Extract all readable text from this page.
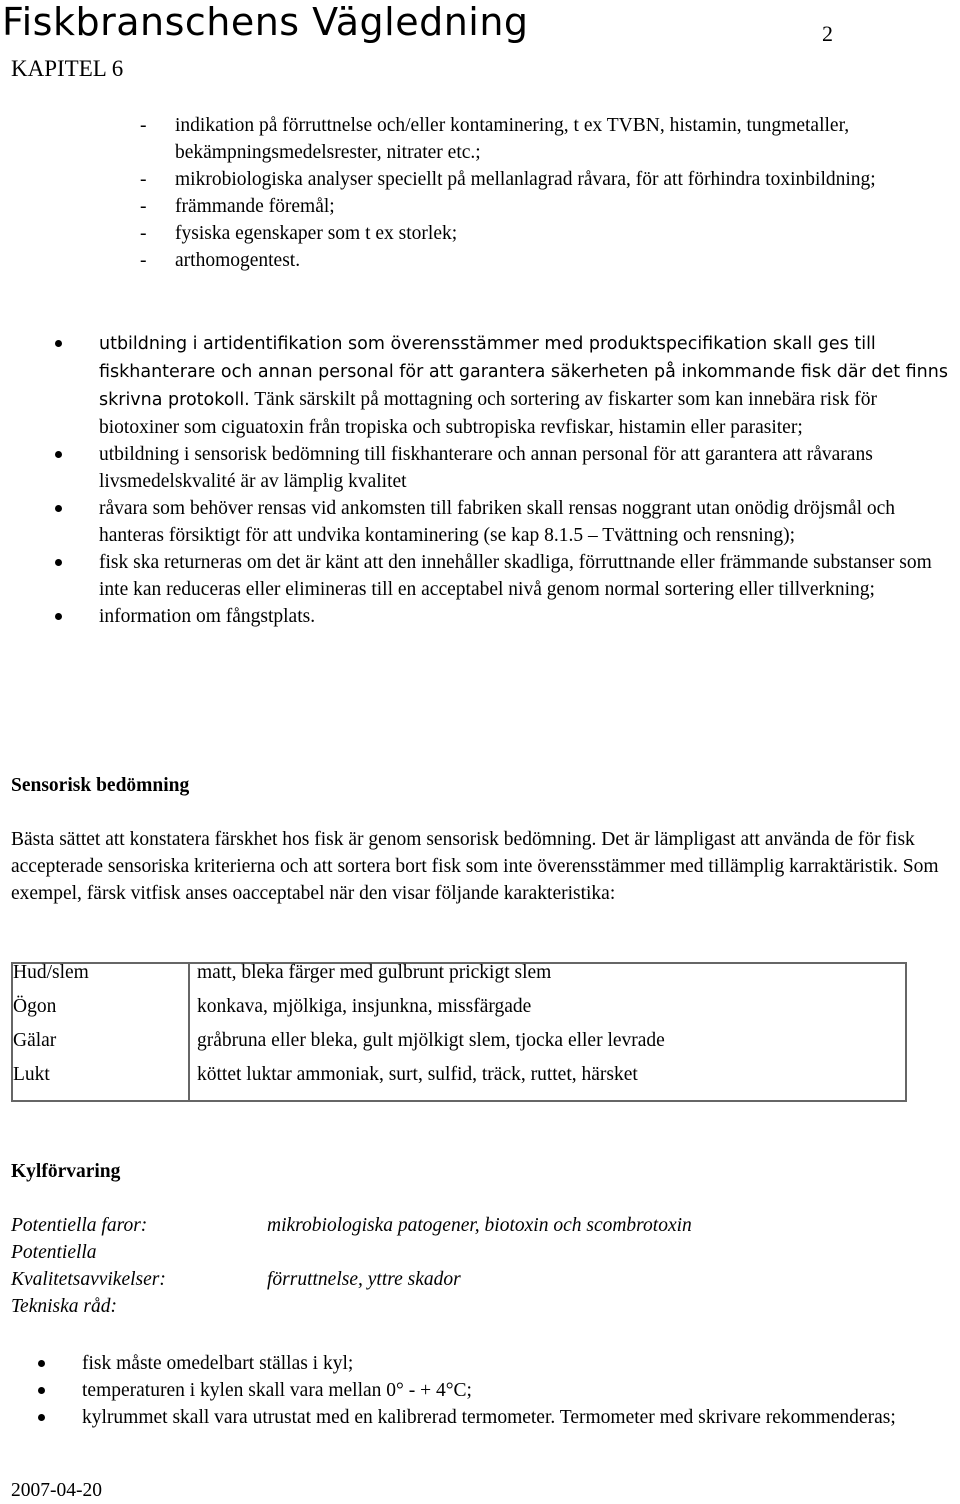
Fiskbranschens Vägledning	2
KAPITEL 6
- indikation på förruttnelse och/eller kontaminering, t ex TVBN, histamin, tungmetaller, bekämpningsmedelsrester, nitrater etc.;
- mikrobiologiska analyser speciellt på mellanlagrad råvara, för att förhindra toxinbildning;
- främmande föremål;
- fysiska egenskaper som t ex storlek;
- arthomogentest.
utbildning i artidentifikation som överensstämmer med produktspecifikation skall ges till fiskhanterare och annan personal för att garantera säkerheten på inkommande fisk där det finns skrivna protokoll. Tänk särskilt på mottagning och sortering av fiskarter som kan innebära risk för biotoxiner som ciguatoxin från tropiska och subtropiska revfiskar, histamin eller parasiter;
utbildning i sensorisk bedömning till fiskhanterare och annan personal för att garantera att råvarans livsmedelskvalité är av lämplig kvalitet
råvara som behöver rensas vid ankomsten till fabriken skall rensas noggrant utan onödig dröjsmål och hanteras försiktigt för att undvika kontaminering (se kap 8.1.5 – Tvättning och rensning);
fisk ska returneras om det är känt att den innehåller skadliga, förruttnande eller främmande substanser som inte kan reduceras eller elimineras till en acceptabel nivå genom normal sortering eller tillverkning;
information om fångstplats.
Sensorisk bedömning
Bästa sättet att konstatera färskhet hos fisk är genom sensorisk bedömning. Det är lämpligast att använda de för fisk accepterade sensoriska kriterierna och att sortera bort fisk som inte överensstämmer med tillämplig karraktäristik. Som exempel, färsk vitfisk anses oacceptabel när den visar följande karakteristika:
Hud/slem	matt, bleka färger med gulbrunt prickigt slem
Ögon	konkava, mjölkiga, insjunkna, missfärgade
Gälar	gråbruna eller bleka, gult mjölkigt slem, tjocka eller levrade
Lukt	köttet luktar ammoniak, surt, sulfid, träck, ruttet, härsket
Kylförvaring
Potentiella faror:	mikrobiologiska patogener, biotoxin och scombrotoxin
Potentiella
Kvalitetsavvikelser:	förruttnelse, yttre skador
Tekniska råd:
fisk måste omedelbart ställas i kyl;
temperaturen i kylen skall vara mellan 0° - + 4°C;
kylrummet skall vara utrustat med en kalibrerad termometer. Termometer med skrivare rekommenderas;
2007-04-20
